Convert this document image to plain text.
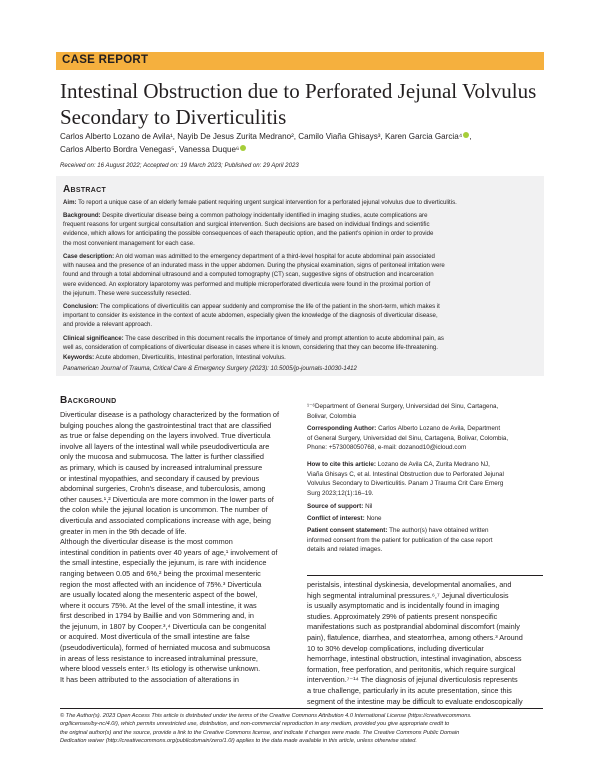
CASE REPORT
Intestinal Obstruction due to Perforated Jejunal Volvulus Secondary to Diverticulitis
Carlos Alberto Lozano de Avila¹, Nayib De Jesus Zurita Medrano², Camilo Viaña Ghisays³, Karen Garcia Garcia⁴ ,
Carlos Alberto Bordra Venegas⁵, Vanessa Duque⁶
Received on: 16 August 2022; Accepted on: 19 March 2023; Published on: 29 April 2023
Abstract
Aim: To report a unique case of an elderly female patient requiring urgent surgical intervention for a perforated jejunal volvulus due to diverticulitis.
Background: Despite diverticular disease being a common pathology incidentally identified in imaging studies, acute complications are
frequent reasons for urgent surgical consultation and surgical intervention. Such decisions are based on individual findings and scientific
evidence, which allows for anticipating the possible consequences of each therapeutic option, and the patient's opinion in order to provide
the most convenient management for each case.
Case description: An old woman was admitted to the emergency department of a third-level hospital for acute abdominal pain associated
with nausea and the presence of an indurated mass in the upper abdomen. During the physical examination, signs of peritoneal irritation were
found and through a total abdominal ultrasound and a computed tomography (CT) scan, suggestive signs of obstruction and incarceration
were evidenced. An exploratory laparotomy was performed and multiple microperforated diverticula were found in the proximal portion of
the jejunum. These were successfully resected.
Conclusion: The complications of diverticulitis can appear suddenly and compromise the life of the patient in the short-term, which makes it
important to consider its existence in the context of acute abdomen, especially given the knowledge of the diagnosis of diverticular disease,
and provide a relevant approach.
Clinical significance: The case described in this document recalls the importance of timely and prompt attention to acute abdominal pain, as
well as, consideration of complications of diverticular disease in cases where it is known, considering that they can become life-threatening.
Keywords: Acute abdomen, Diverticulitis, Intestinal perforation, Intestinal volvulus.
Panamerican Journal of Trauma, Critical Care & Emergency Surgery (2023): 10.5005/jp-journals-10030-1412
Background
Diverticular disease is a pathology characterized by the formation of
bulging pouches along the gastrointestinal tract that are classified
as true or false depending on the layers involved. True diverticula
involve all layers of the intestinal wall while pseudodiverticula are
only the mucosa and submucosa. The latter is further classified
as primary, which is caused by increased intraluminal pressure
or intestinal myopathies, and secondary if caused by previous
abdominal surgeries, Crohn's disease, and tuberculosis, among
other causes.¹,² Diverticula are more common in the lower parts of
the colon while the jejunal location is uncommon. The number of
diverticula and associated complications increase with age, being
greater in men in the 9th decade of life.
Although the diverticular disease is the most common
intestinal condition in patients over 40 years of age,¹ involvement of
the small intestine, especially the jejunum, is rare with incidence
ranging between 0.05 and 6%,² being the proximal mesenteric
region the most affected with an incidence of 75%.³ Diverticula
are usually located along the mesenteric aspect of the bowel,
where it occurs 75%. At the level of the small intestine, it was
first described in 1794 by Baillie and von Sömmering and, in
the jejunum, in 1807 by Cooper.³,⁴ Diverticula can be congenital
or acquired. Most diverticula of the small intestine are false
(pseudodiverticula), formed of herniated mucosa and submucosa
in areas of less resistance to increased intraluminal pressure,
where blood vessels enter.⁵ Its etiology is otherwise unknown.
It has been attributed to the association of alterations in
¹⁻⁶Department of General Surgery, Universidad del Sinu, Cartagena,
Bolivar, Colombia
Corresponding Author: Carlos Alberto Lozano de Avila, Department
of General Surgery, Universidad del Sinu, Cartagena, Bolivar, Colombia,
Phone: +573008050768, e-mail: dozanod10@icloud.com
How to cite this article: Lozano de Avila CA, Zurita Medrano NJ,
Viaña Ghisays C, et al. Intestinal Obstruction due to Perforated Jejunal
Volvulus Secondary to Diverticulitis. Panam J Trauma Crit Care Emerg
Surg 2023;12(1):16–19.
Source of support: Nil
Conflict of interest: None
Patient consent statement: The author(s) have obtained written
informed consent from the patient for publication of the case report
details and related images.
peristalsis, intestinal dyskinesia, developmental anomalies, and
high segmental intraluminal pressures.⁶,⁷ Jejunal diverticulosis
is usually asymptomatic and is incidentally found in imaging
studies. Approximately 29% of patients present nonspecific
manifestations such as postprandial abdominal discomfort (mainly
pain), flatulence, diarrhea, and steatorrhea, among others.³ Around
10 to 30% develop complications, including diverticular
hemorrhage, intestinal obstruction, intestinal invagination, abscess
formation, free perforation, and peritonitis, which require surgical
intervention.⁷⁻¹⁴ The diagnosis of jejunal diverticulosis represents
a true challenge, particularly in its acute presentation, since this
segment of the intestine may be difficult to evaluate endoscopically
© The Author(s). 2023 Open Access This article is distributed under the terms of the Creative Commons Attribution 4.0 International License (https://creativecommons.
org/licenses/by-nc/4.0/), which permits unrestricted use, distribution, and non-commercial reproduction in any medium, provided you give appropriate credit to
the original author(s) and the source, provide a link to the Creative Commons license, and indicate if changes were made. The Creative Commons Public Domain
Dedication waiver (http://creativecommons.org/publicdomain/zero/1.0/) applies to the data made available in this article, unless otherwise stated.
